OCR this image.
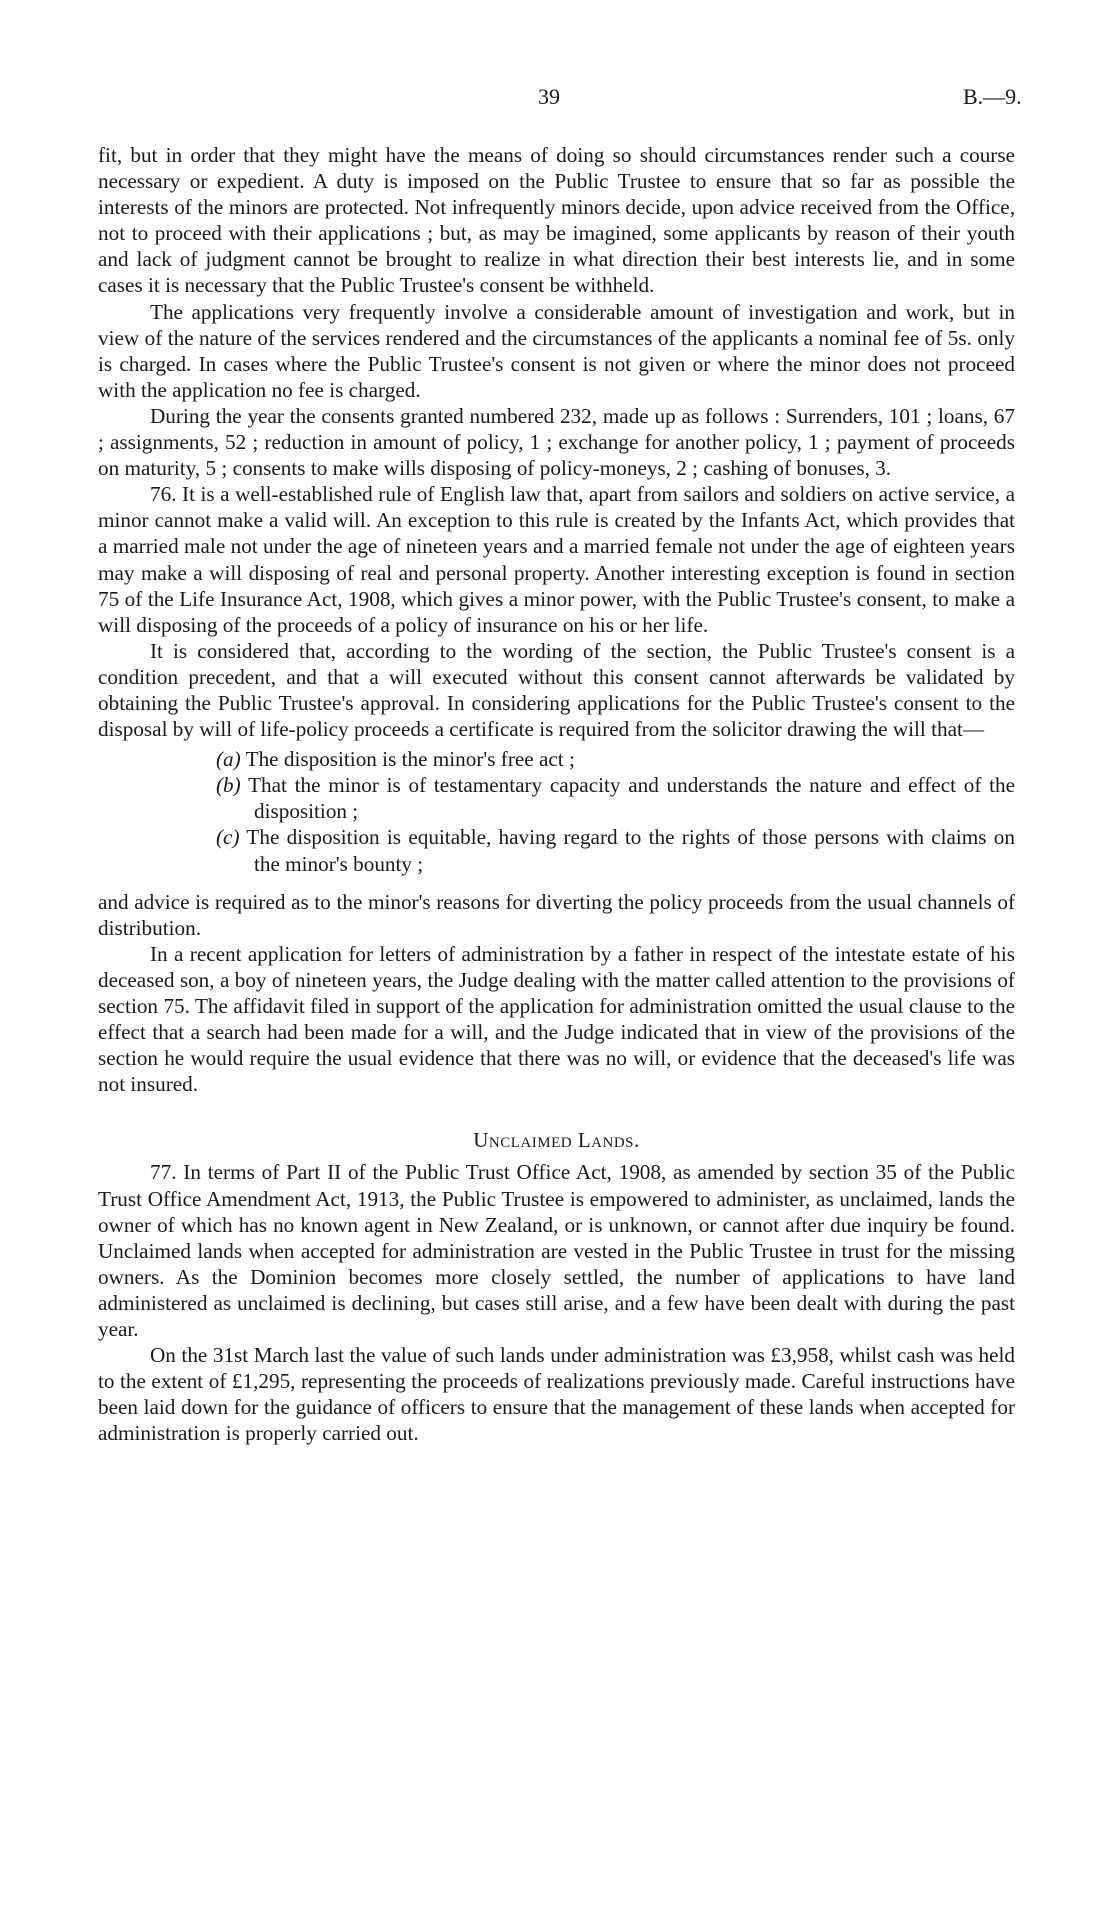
39	B.—9.

fit, but in order that they might have the means of doing so should circumstances render such a course necessary or expedient. A duty is imposed on the Public Trustee to ensure that so far as possible the interests of the minors are protected. Not infrequently minors decide, upon advice received from the Office, not to proceed with their applications ; but, as may be imagined, some applicants by reason of their youth and lack of judgment cannot be brought to realize in what direction their best interests lie, and in some cases it is necessary that the Public Trustee's consent be withheld.

The applications very frequently involve a considerable amount of investigation and work, but in view of the nature of the services rendered and the circumstances of the applicants a nominal fee of 5s. only is charged. In cases where the Public Trustee's consent is not given or where the minor does not proceed with the application no fee is charged.

During the year the consents granted numbered 232, made up as follows : Surrenders, 101 ; loans, 67 ; assignments, 52 ; reduction in amount of policy, 1 ; exchange for another policy, 1 ; payment of proceeds on maturity, 5 ; consents to make wills disposing of policy-moneys, 2 ; cashing of bonuses, 3.

76. It is a well-established rule of English law that, apart from sailors and soldiers on active service, a minor cannot make a valid will. An exception to this rule is created by the Infants Act, which provides that a married male not under the age of nineteen years and a married female not under the age of eighteen years may make a will disposing of real and personal property. Another interesting exception is found in section 75 of the Life Insurance Act, 1908, which gives a minor power, with the Public Trustee's consent, to make a will disposing of the proceeds of a policy of insurance on his or her life.

It is considered that, according to the wording of the section, the Public Trustee's consent is a condition precedent, and that a will executed without this consent cannot afterwards be validated by obtaining the Public Trustee's approval. In considering applications for the Public Trustee's consent to the disposal by will of life-policy proceeds a certificate is required from the solicitor drawing the will that—

(a) The disposition is the minor's free act ;
(b) That the minor is of testamentary capacity and understands the nature and effect of the disposition ;
(c) The disposition is equitable, having regard to the rights of those persons with claims on the minor's bounty ;

and advice is required as to the minor's reasons for diverting the policy proceeds from the usual channels of distribution.

In a recent application for letters of administration by a father in respect of the intestate estate of his deceased son, a boy of nineteen years, the Judge dealing with the matter called attention to the provisions of section 75. The affidavit filed in support of the application for administration omitted the usual clause to the effect that a search had been made for a will, and the Judge indicated that in view of the provisions of the section he would require the usual evidence that there was no will, or evidence that the deceased's life was not insured.

Unclaimed Lands.

77. In terms of Part II of the Public Trust Office Act, 1908, as amended by section 35 of the Public Trust Office Amendment Act, 1913, the Public Trustee is empowered to administer, as unclaimed, lands the owner of which has no known agent in New Zealand, or is unknown, or cannot after due inquiry be found. Unclaimed lands when accepted for administration are vested in the Public Trustee in trust for the missing owners. As the Dominion becomes more closely settled, the number of applications to have land administered as unclaimed is declining, but cases still arise, and a few have been dealt with during the past year.

On the 31st March last the value of such lands under administration was £3,958, whilst cash was held to the extent of £1,295, representing the proceeds of realizations previously made. Careful instructions have been laid down for the guidance of officers to ensure that the management of these lands when accepted for administration is properly carried out.
